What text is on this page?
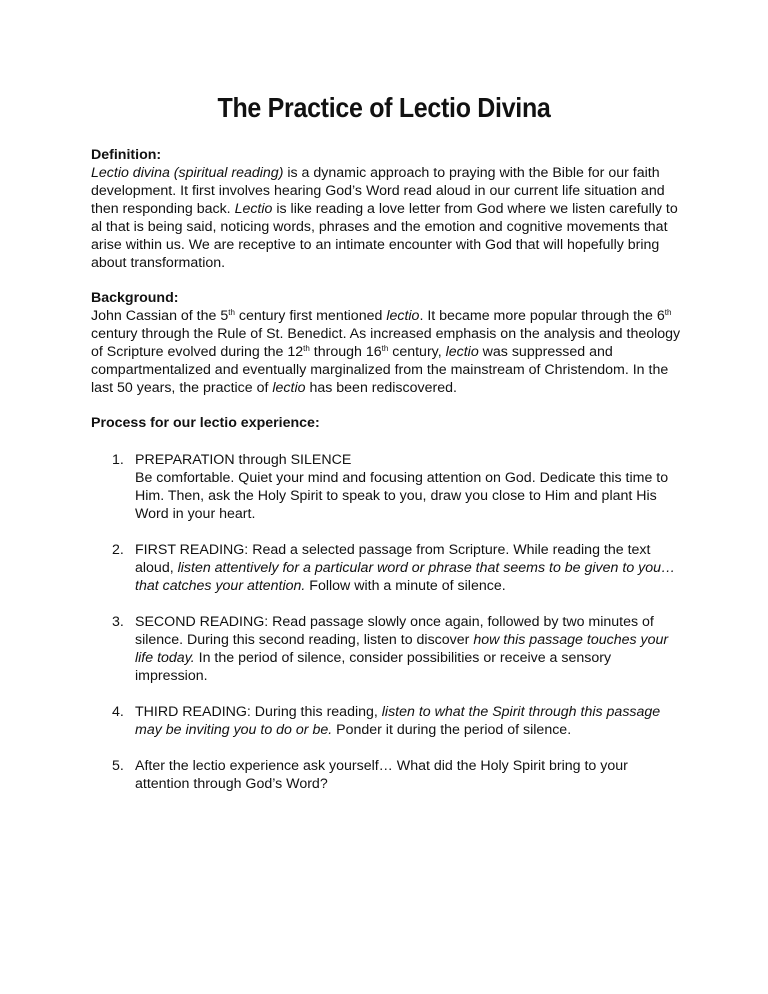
The Practice of Lectio Divina
Definition:

Lectio divina (spiritual reading) is a dynamic approach to praying with the Bible for our faith development. It first involves hearing God’s Word read aloud in our current life situation and then responding back. Lectio is like reading a love letter from God where we listen carefully to al that is being said, noticing words, phrases and the emotion and cognitive movements that arise within us. We are receptive to an intimate encounter with God that will hopefully bring about transformation.

Background:

John Cassian of the 5th century first mentioned lectio. It became more popular through the 6th century through the Rule of St. Benedict. As increased emphasis on the analysis and theology of Scripture evolved during the 12th through 16th century, lectio was suppressed and compartmentalized and eventually marginalized from the mainstream of Christendom. In the last 50 years, the practice of lectio has been rediscovered.

Process for our lectio experience:
1. PREPARATION through SILENCE
Be comfortable. Quiet your mind and focusing attention on God. Dedicate this time to Him. Then, ask the Holy Spirit to speak to you, draw you close to Him and plant His Word in your heart.
2. FIRST READING: Read a selected passage from Scripture. While reading the text aloud, listen attentively for a particular word or phrase that seems to be given to you… that catches your attention. Follow with a minute of silence.
3. SECOND READING: Read passage slowly once again, followed by two minutes of silence. During this second reading, listen to discover how this passage touches your life today. In the period of silence, consider possibilities or receive a sensory impression.
4. THIRD READING: During this reading, listen to what the Spirit through this passage may be inviting you to do or be. Ponder it during the period of silence.
5. After the lectio experience ask yourself… What did the Holy Spirit bring to your attention through God’s Word?
